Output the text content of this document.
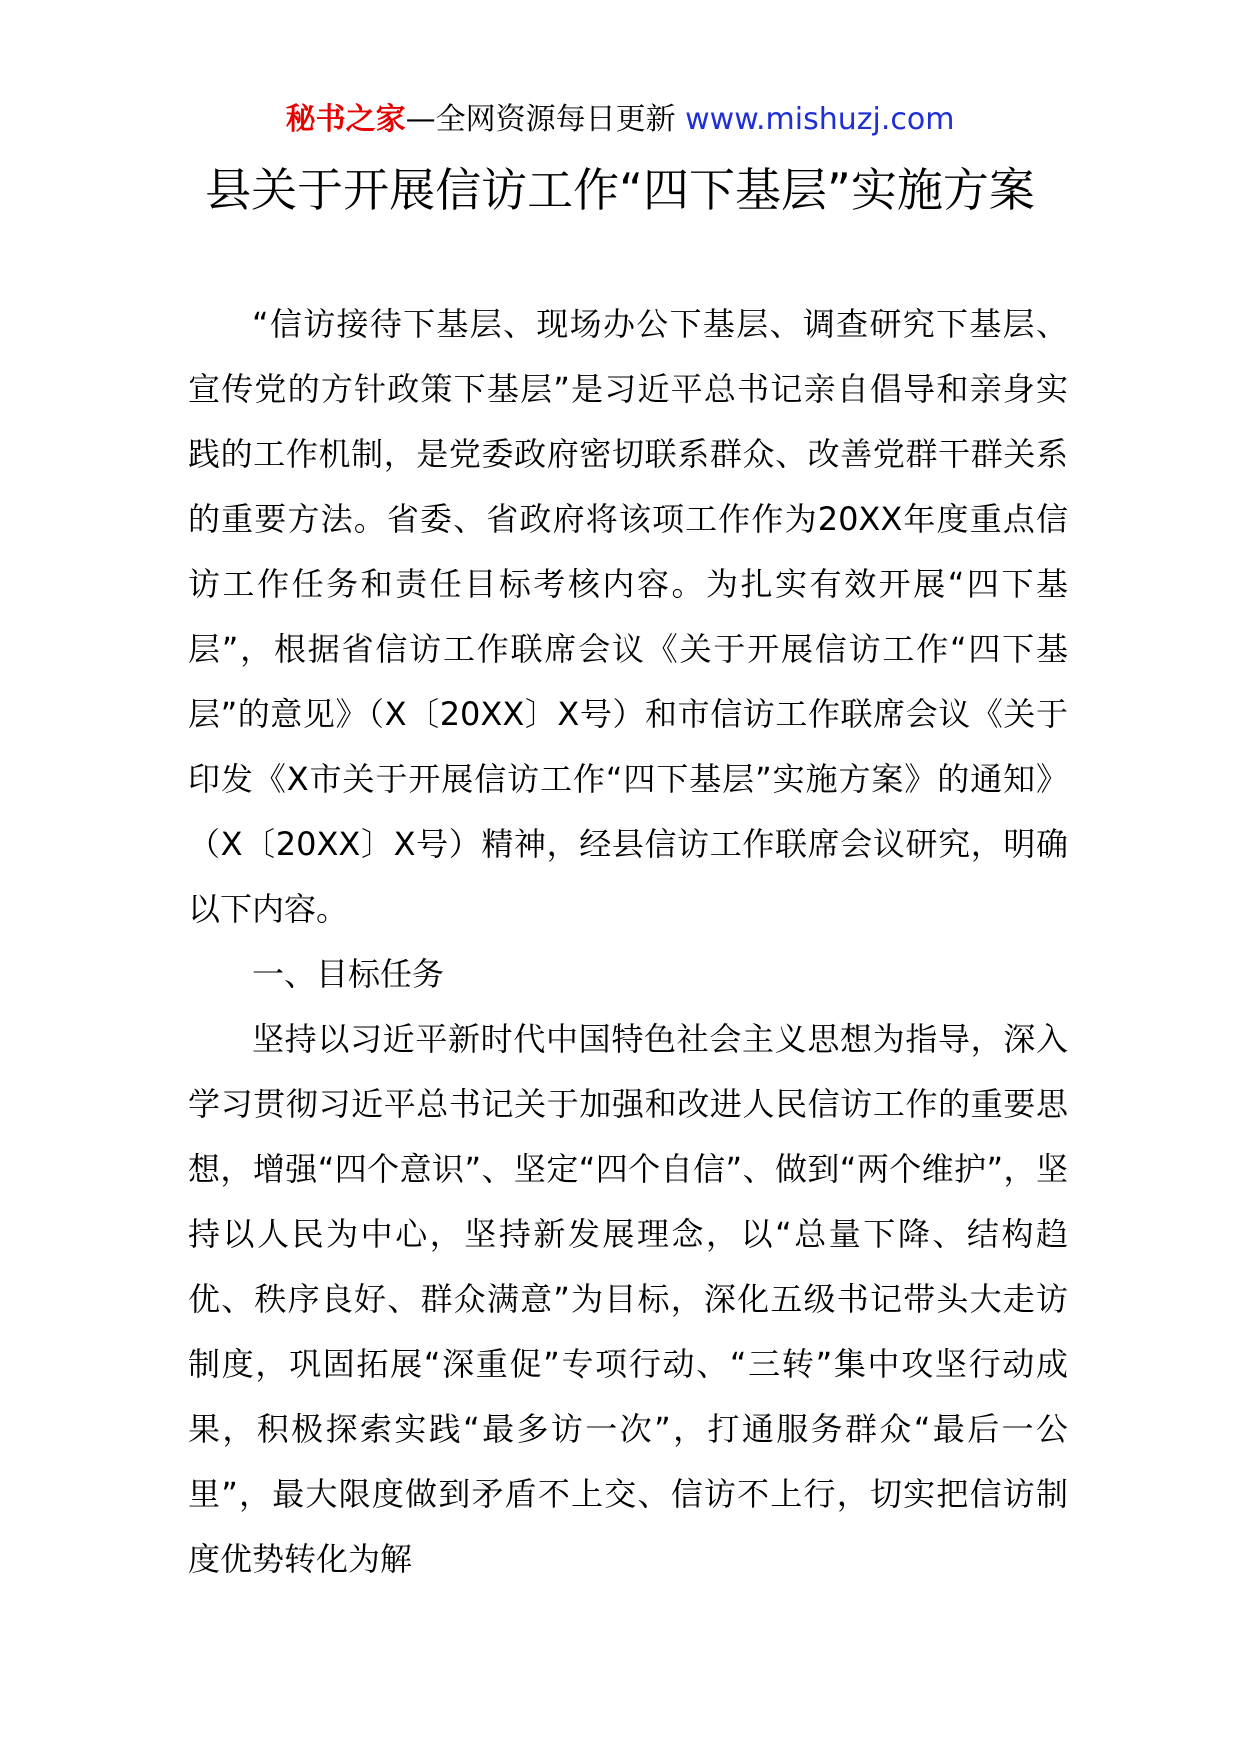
秘书之家—全网资源每日更新 www.mishuzj.com
县关于开展信访工作“四下基层”实施方案

“信访接待下基层、现场办公下基层、调查研究下基层、宣传党的方针政策下基层”是习近平总书记亲自倡导和亲身实践的工作机制，是党委政府密切联系群众、改善党群干群关系的重要方法。省委、省政府将该项工作作为20XX年度重点信访工作任务和责任目标考核内容。为扎实有效开展“四下基层”，根据省信访工作联席会议《关于开展信访工作“四下基层”的意见》（X〔20XX〕X号）和市信访工作联席会议《关于印发《X市关于开展信访工作“四下基层”实施方案》的通知》（X〔20XX〕X号）精神，经县信访工作联席会议研究，明确以下内容。

一、目标任务

坚持以习近平新时代中国特色社会主义思想为指导，深入学习贯彻习近平总书记关于加强和改进人民信访工作的重要思想，增强“四个意识”、坚定“四个自信”、做到“两个维护”，坚持以人民为中心，坚持新发展理念，以“总量下降、结构趋优、秩序良好、群众满意”为目标，深化五级书记带头大走访制度，巩固拓展“深重促”专项行动、“三转”集中攻坚行动成果，积极探索实践“最多访一次”，打通服务群众“最后一公里”，最大限度做到矛盾不上交、信访不上行，切实把信访制度优势转化为解
